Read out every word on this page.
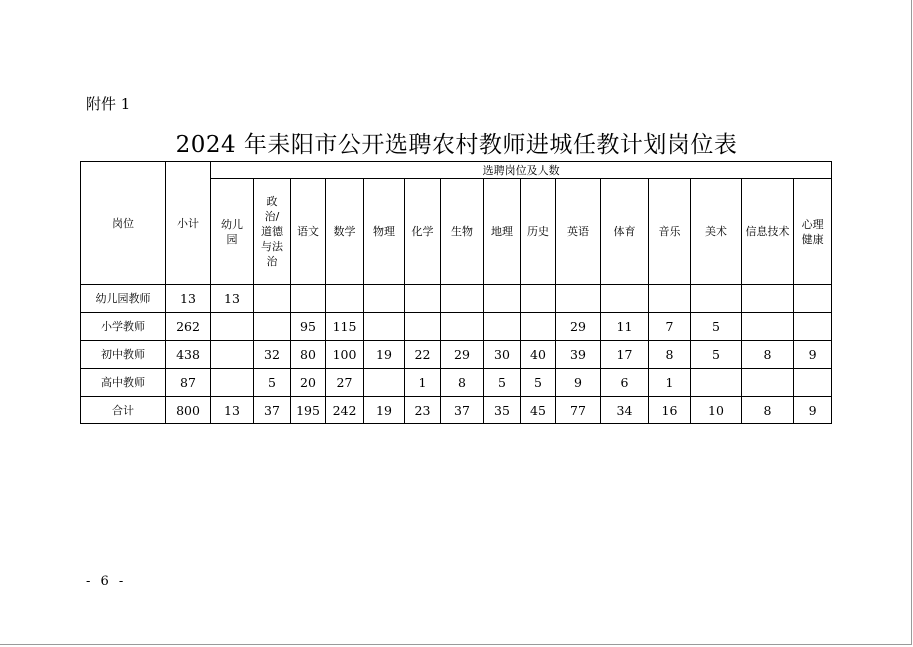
附件 1
2024 年耒阳市公开选聘农村教师进城任教计划岗位表
岗位	小计	选聘岗位及人数														
		幼儿园	政治/道德与法治	语文	数学	物理	化学	生物	地理	历史	英语	体育	音乐	美术	信息技术	心理健康
幼儿园教师	13	13														
小学教师	262			95	115						29	11	7	5		
初中教师	438		32	80	100	19	22	29	30	40	39	17	8	5	8	9
高中教师	87		5	20	27		1	8	5	5	9	6	1			
合计	800	13	37	195	242	19	23	37	35	45	77	34	16	10	8	9
- 6 -
